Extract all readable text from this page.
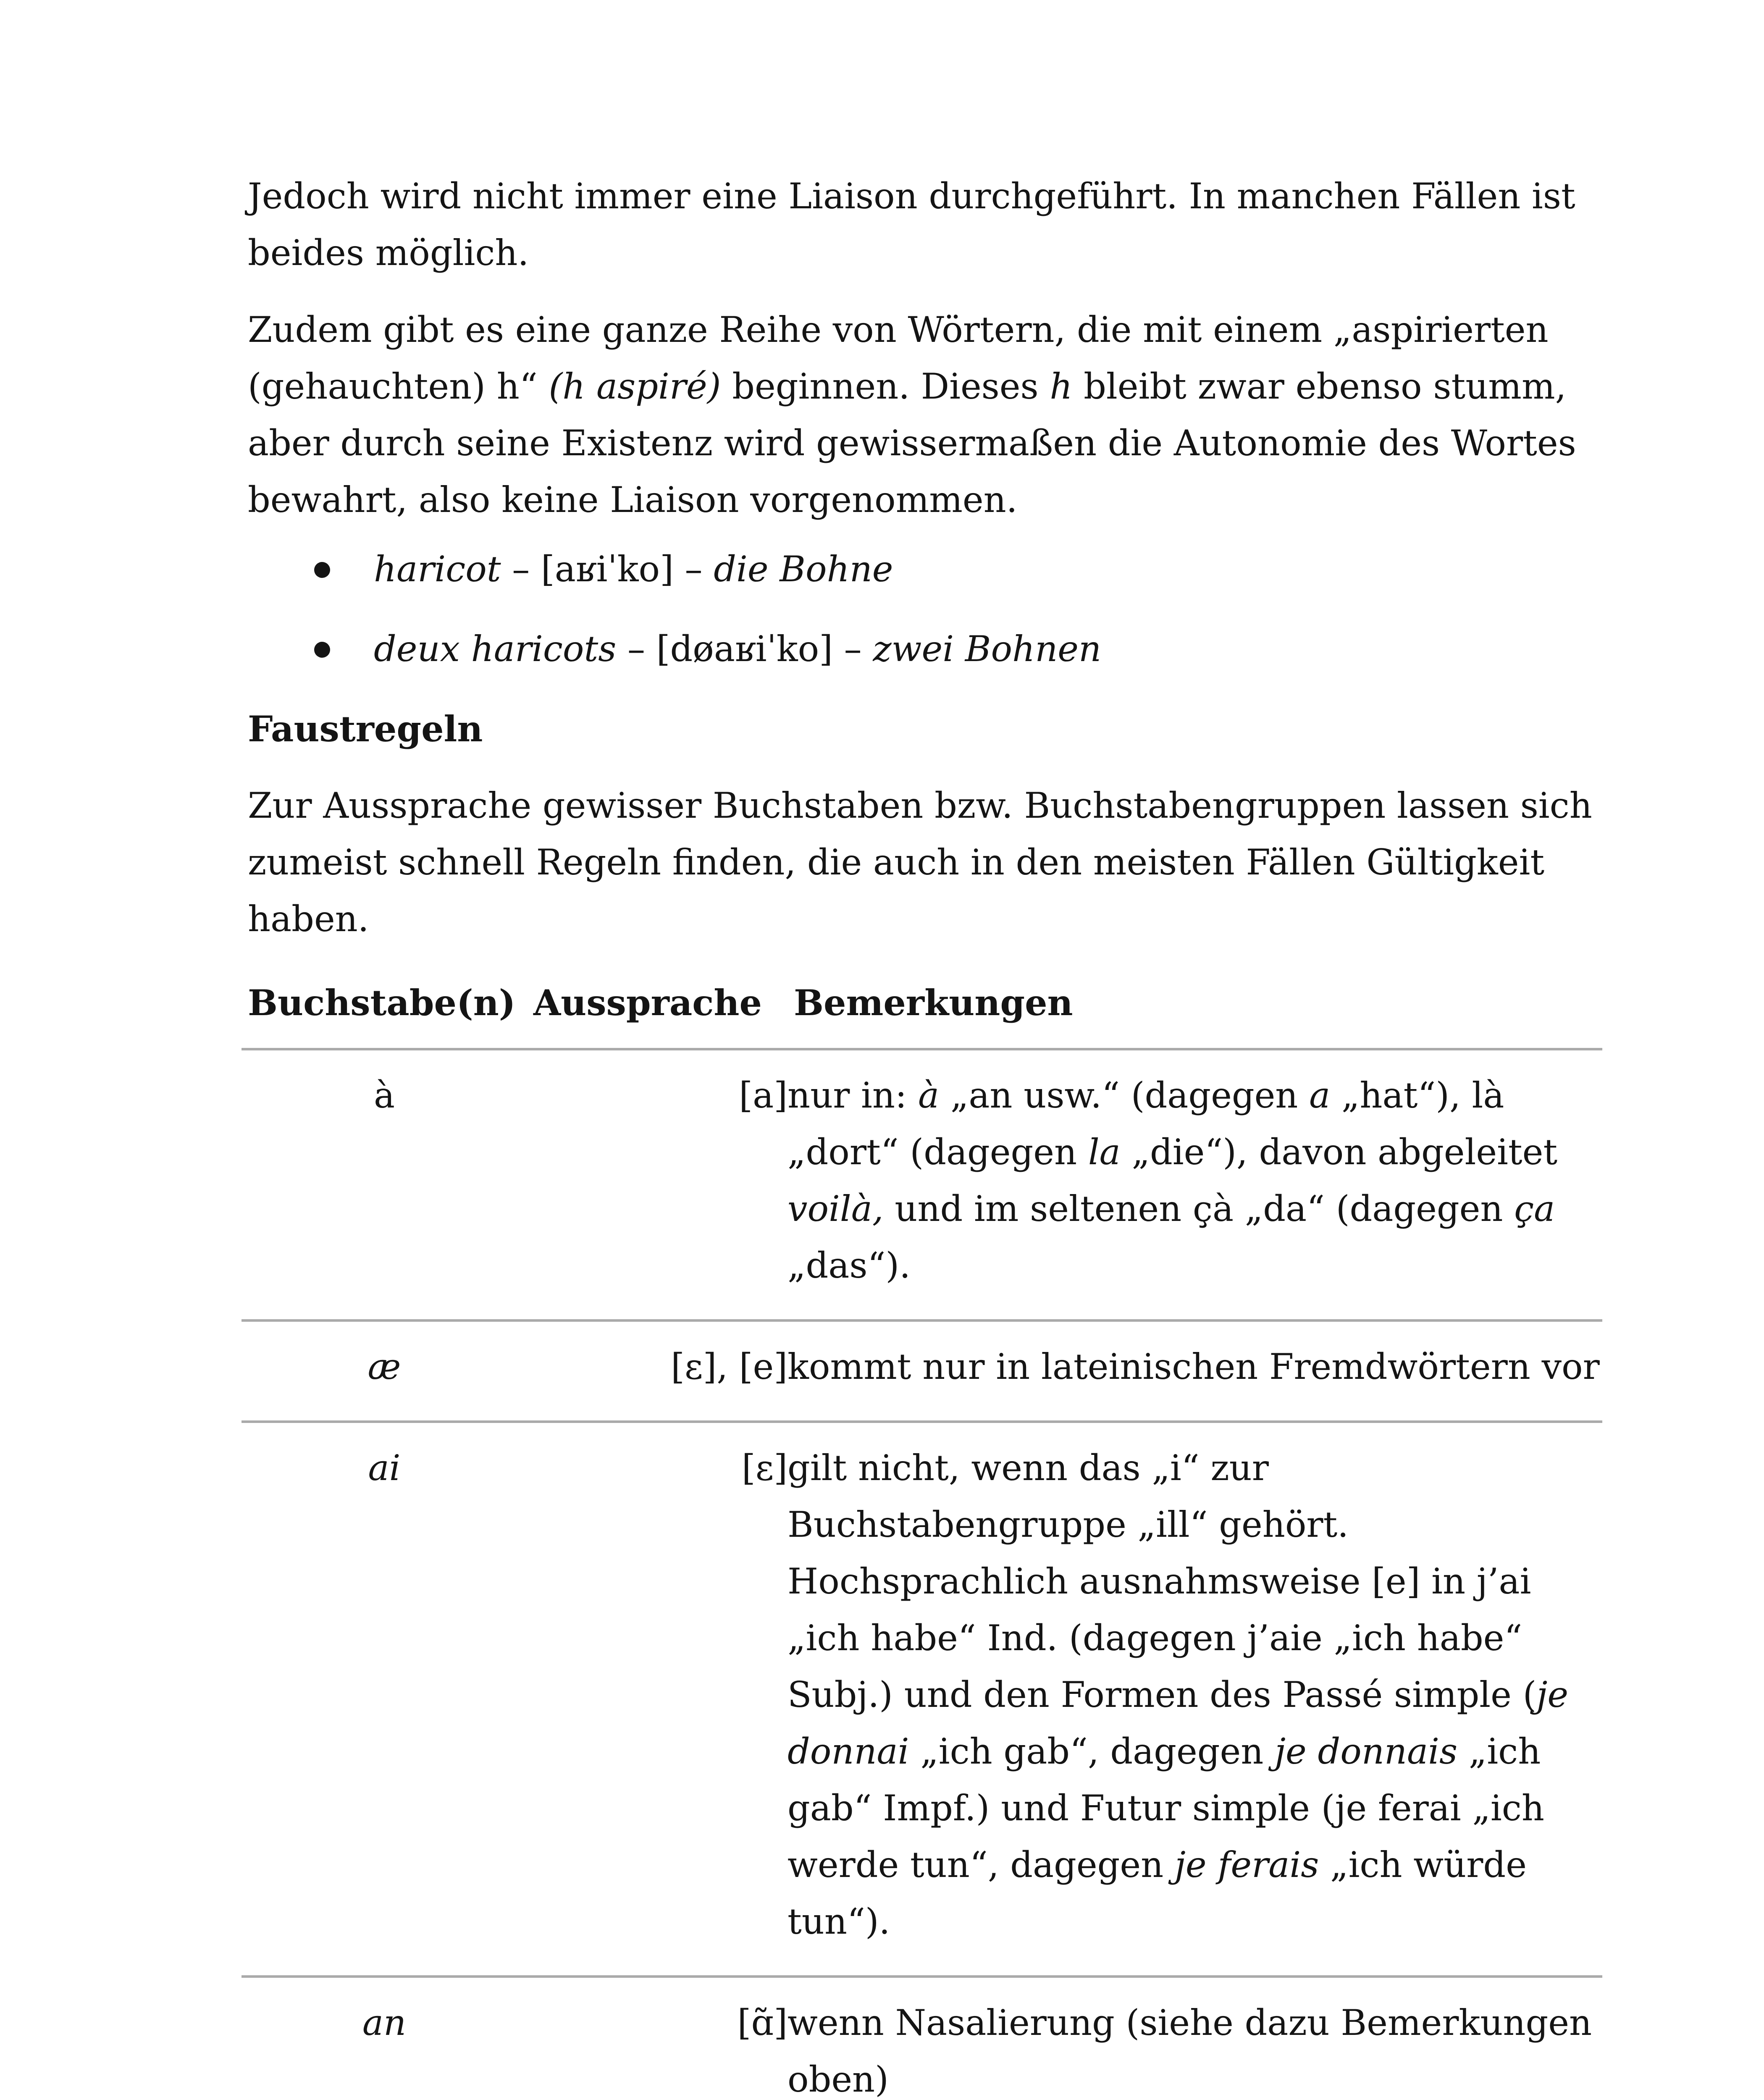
Jedoch wird nicht immer eine Liaison durchgeführt. In manchen Fällen ist beides möglich.

Zudem gibt es eine ganze Reihe von Wörtern, die mit einem „aspirierten (gehauchten) h“ (h aspiré) beginnen. Dieses h bleibt zwar ebenso stumm, aber durch seine Existenz wird gewissermaßen die Autonomie des Wortes bewahrt, also keine Liaison vorgenommen.

haricot – [aʁiˈko] – die Bohne
deux haricots – [døaʁiˈko] – zwei Bohnen
Faustregeln

Zur Aussprache gewisser Buchstaben bzw. Buchstabengruppen lassen sich zumeist schnell Regeln finden, die auch in den meisten Fällen Gültigkeit haben.

Buchstabe(n)	Aussprache	Bemerkungen
à	[a]	nur in: à „an usw.“ (dagegen a „hat“), là „dort“ (dagegen la „die“), davon abgeleitet voilà, und im seltenen çà „da“ (dagegen ça „das“).
æ	[ɛ], [e]	kommt nur in lateinischen Fremdwörtern vor
ai	[ɛ]	gilt nicht, wenn das „i“ zur Buchstabengruppe „ill“ gehört. Hochsprachlich ausnahmsweise [e] in j’ai „ich habe“ Ind. (dagegen j’aie „ich habe“ Subj.) und den Formen des Passé simple (je donnai „ich gab“, dagegen je donnais „ich gab“ Impf.) und Futur simple (je ferai „ich werde tun“, dagegen je ferais „ich würde tun“).
an	[ɑ̃]	wenn Nasalierung (siehe dazu Bemerkungen oben)
